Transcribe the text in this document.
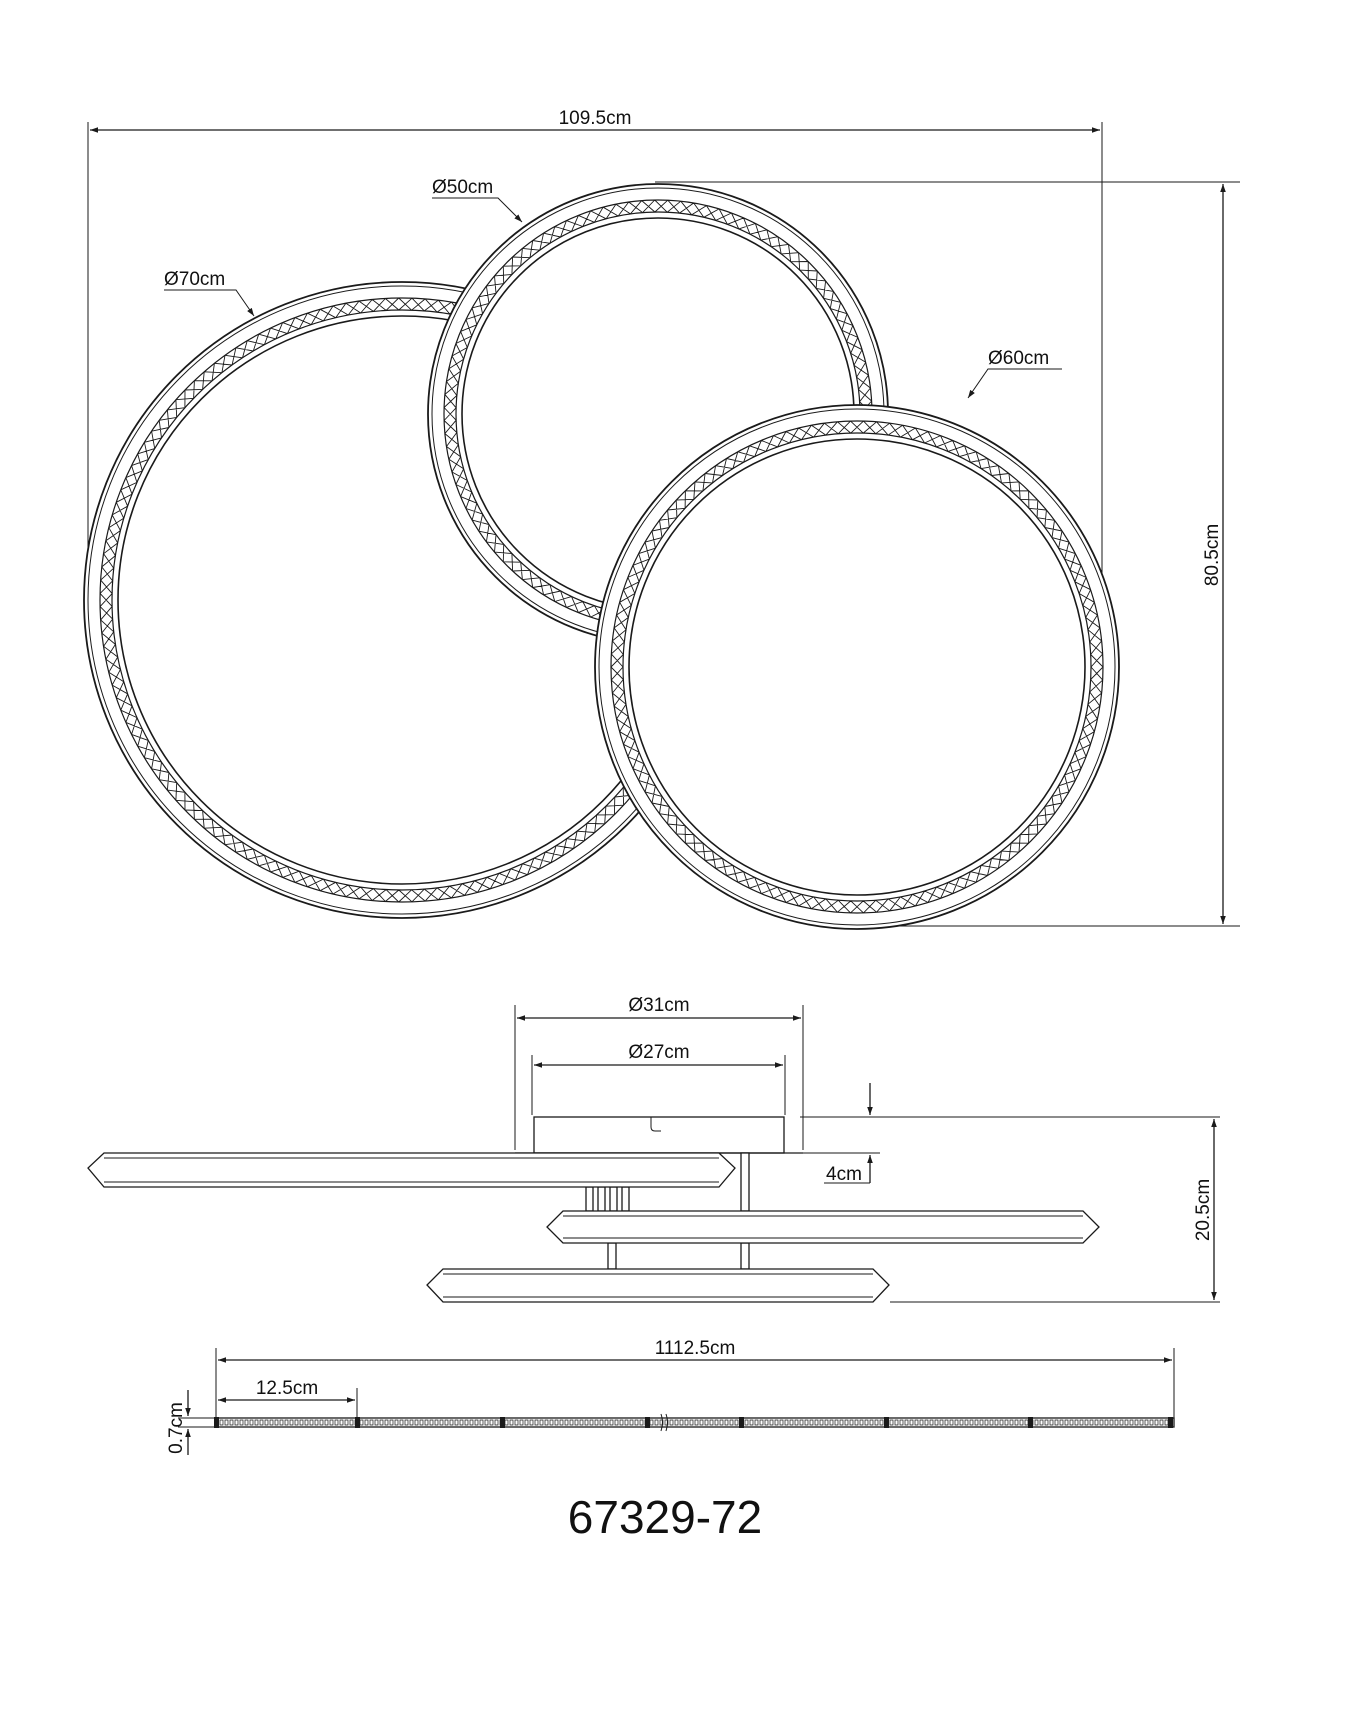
109.5cm
80.5cm
Ø50cm
Ø70cm
Ø60cm
Ø31cm
Ø27cm
4cm
20.5cm
1112.5cm
12.5cm
0.7cm
67329-72
